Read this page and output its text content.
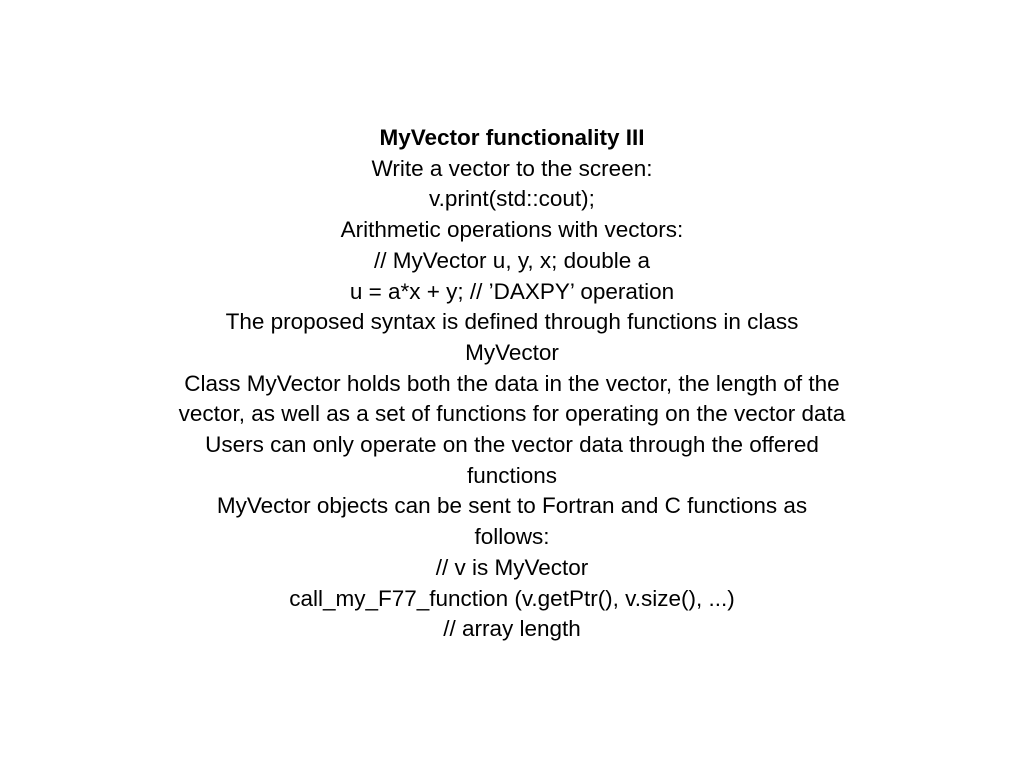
MyVector functionality III
Write a vector to the screen:
v.print(std::cout);
Arithmetic operations with vectors:
// MyVector u, y, x; double a
u = a*x + y; // ’DAXPY’ operation
The proposed syntax is defined through functions in class
MyVector
Class MyVector holds both the data in the vector, the length of the
vector, as well as a set of functions for operating on the vector data
Users can only operate on the vector data through the offered
functions
MyVector objects can be sent to Fortran and C functions as
follows:
// v is MyVector
call_my_F77_function (v.getPtr(), v.size(), ...)
// array length
